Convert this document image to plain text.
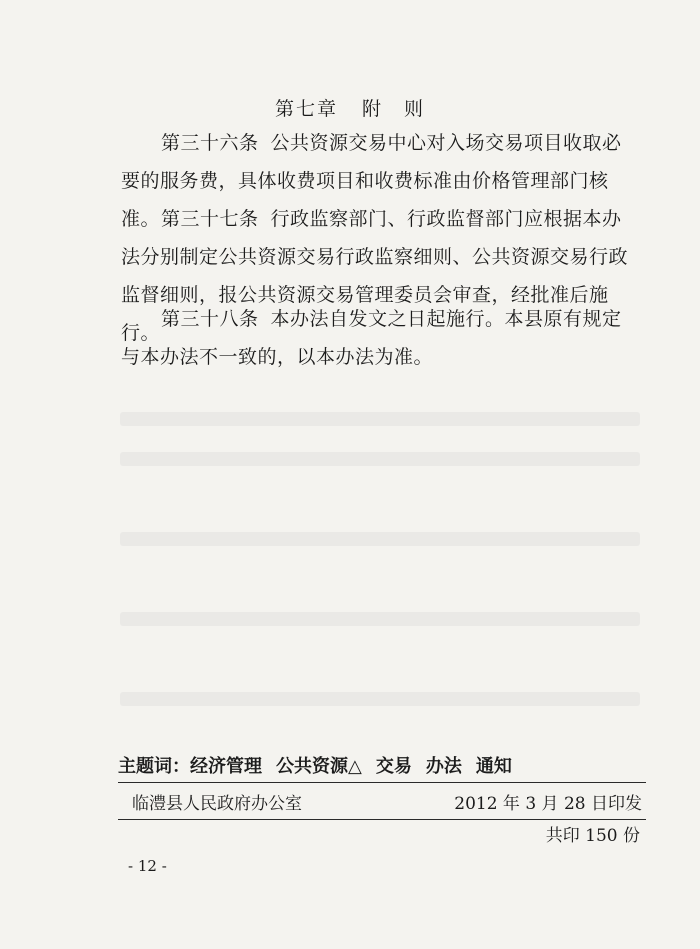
第七章 附　则

第三十六条 公共资源交易中心对入场交易项目收取必要的服务费，具体收费项目和收费标准由价格管理部门核准。 第三十七条 行政监察部门、行政监督部门应根据本办法分别制定公共资源交易行政监察细则、公共资源交易行政监督细则，报公共资源交易管理委员会审查，经批准后施行。

第三十八条 本办法自发文之日起施行。本县原有规定与本办法不一致的，以本办法为准。

主题词：经济管理 公共资源△ 交易 办法 通知
临澧县人民政府办公室	2012 年 3 月 28 日印发
共印 150 份
- 12 -
